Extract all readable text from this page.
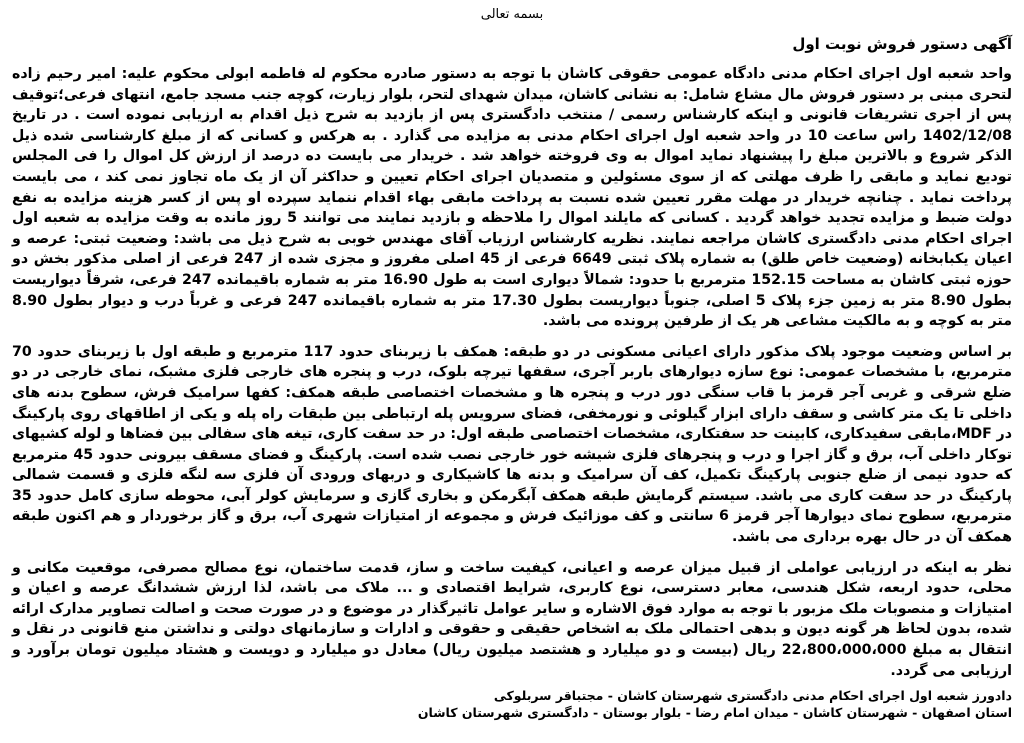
بسمه تعالی
آگهی دستور فروش نوبت اول

واحد شعبه اول اجرای احکام مدنی دادگاه عمومی حقوقی کاشان با توجه به دستور صادره محکوم له فاطمه ابولی محکوم علیه: امیر رحیم زاده لتحری مبنی بر دستور فروش مال مشاع شامل: به نشانی کاشان، میدان شهدای لتحر، بلوار زیارت، کوچه جنب مسجد جامع، انتهای فرعی؛توقیف پس از اجری تشریفات قانونی و اینکه کارشناس رسمی / منتخب دادگستری پس از بازدید به شرح ذیل اقدام به ارزیابی نموده است . در تاریخ 1402/12/08 راس ساعت 10 در واحد شعبه اول اجرای احکام مدنی به مزایده می گذارد . به هرکس و کسانی که از مبلغ کارشناسی شده ذیل الذکر شروع و بالاترین مبلغ را پیشنهاد نماید اموال به وی فروخته خواهد شد . خریدار می بایست ده درصد از ارزش کل اموال را فی المجلس تودیع نماید و مابقی را ظرف مهلتی که از سوی مسئولین و متصدیان اجرای احکام تعیین و حداکثر آن از یک ماه تجاوز نمی کند ، می بایست پرداخت نماید . چنانچه خریدار در مهلت مقرر تعیین شده نسبت به پرداخت مابقی بهاء اقدام ننماید سپرده او پس از کسر هزینه مزایده به نفع دولت ضبط و مزایده تجدید خواهد گردید . کسانی که مایلند اموال را ملاحظه و بازدید نمایند می توانند 5 روز مانده به وقت مزایده به شعبه اول اجرای احکام مدنی دادگستری کاشان مراجعه نمایند. نظریه کارشناس ارزیاب آقای مهندس خوبی به شرح ذیل می باشد: وضعیت ثبتی: عرصه و اعیان یکبابخانه (وضعیت خاص طلق) به شماره پلاک ثبتی 6649 فرعی از 45 اصلی مفروز و مجزی شده از 247 فرعی از اصلی مذکور بخش دو حوزه ثبتی کاشان به مساحت 152.15 مترمربع با حدود: شمالاً دیواری است به طول 16.90 متر به شماره باقیمانده 247 فرعی، شرقاً دیواریست بطول 8.90 متر به زمین جزء پلاک 5 اصلی، جنوباً دیواریست بطول 17.30 متر به شماره باقیمانده 247 فرعی و غرباً درب و دیوار بطول 8.90 متر به کوچه و به مالکیت مشاعی هر یک از طرفین پرونده می باشد.

بر اساس وضعیت موجود پلاک مذکور دارای اعیانی مسکونی در دو طبقه: همکف با زیربنای حدود 117 مترمربع و طبقه اول با زیربنای حدود 70 مترمربع، با مشخصات عمومی: نوع سازه دیوارهای باربر آجری، سقفها تیرچه بلوک، درب و پنجره های خارجی فلزی مشبک، نمای خارجی در دو ضلع شرقی و غربی آجر قرمز با قاب سنگی دور درب و پنجره ها و مشخصات اختصاصی طبقه همکف: کفها سرامیک فرش، سطوح بدنه های داخلی تا یک متر کاشی و سقف دارای ابزار گیلوئی و نورمخفی، فضای سرویس پله ارتباطی بین طبقات راه پله و یکی از اطاقهای روی پارکینگ در MDF،مابقی سفیدکاری، کابینت حد سفتکاری، مشخصات اختصاصی طبقه اول: در حد سفت کاری، تیغه های سفالی بین فضاها و لوله کشیهای توکار داخلی آب، برق و گاز اجرا و درب و پنجرهای فلزی شیشه خور خارجی نصب شده است. پارکینگ و فضای مسقف بیرونی حدود 45 مترمربع که حدود نیمی از ضلع جنوبی پارکینگ تکمیل، کف آن سرامیک و بدنه ها کاشیکاری و دربهای ورودی آن فلزی سه لنگه فلزی و قسمت شمالی پارکینگ در حد سفت کاری می باشد. سیستم گرمایش طبقه همکف آبگرمکن و بخاری گازی و سرمایش کولر آبی، محوطه سازی کامل حدود 35 مترمربع، سطوح نمای دیوارها آجر قرمز 6 سانتی و کف موزائیک فرش و مجموعه از امتیازات شهری آب، برق و گاز برخوردار و هم اکنون طبقه همکف آن در حال بهره برداری می باشد.

نظر به اینکه در ارزیابی عواملی از قبیل میزان عرصه و اعیانی، کیفیت ساخت و ساز، قدمت ساختمان، نوع مصالح مصرفی، موقعیت مکانی و محلی، حدود اربعه، شکل هندسی، معابر دسترسی، نوع کاربری، شرایط اقتصادی و ... ملاک می باشد، لذا ارزش ششدانگ عرصه و اعیان و امتیازات و منصوبات ملک مزبور با توجه به موارد فوق الاشاره و سایر عوامل تاثیرگذار در موضوع و در صورت صحت و اصالت تصاویر مدارک ارائه شده، بدون لحاظ هر گونه دیون و بدهی احتمالی ملک به اشخاص حقیقی و حقوقی و ادارات و سازمانهای دولتی و نداشتن منع قانونی در نقل و انتقال به مبلغ 22،800،000،000 ریال (بیست و دو میلیارد و هشتصد میلیون ریال) معادل دو میلیارد و دویست و هشتاد میلیون تومان برآورد و ارزیابی می گردد.

دادورز شعبه اول اجرای احکام مدنی دادگستری شهرستان کاشان - مجتباقر سربلوکی

استان اصفهان - شهرستان کاشان - میدان امام رضا - بلوار بوستان - دادگستری شهرستان کاشان
